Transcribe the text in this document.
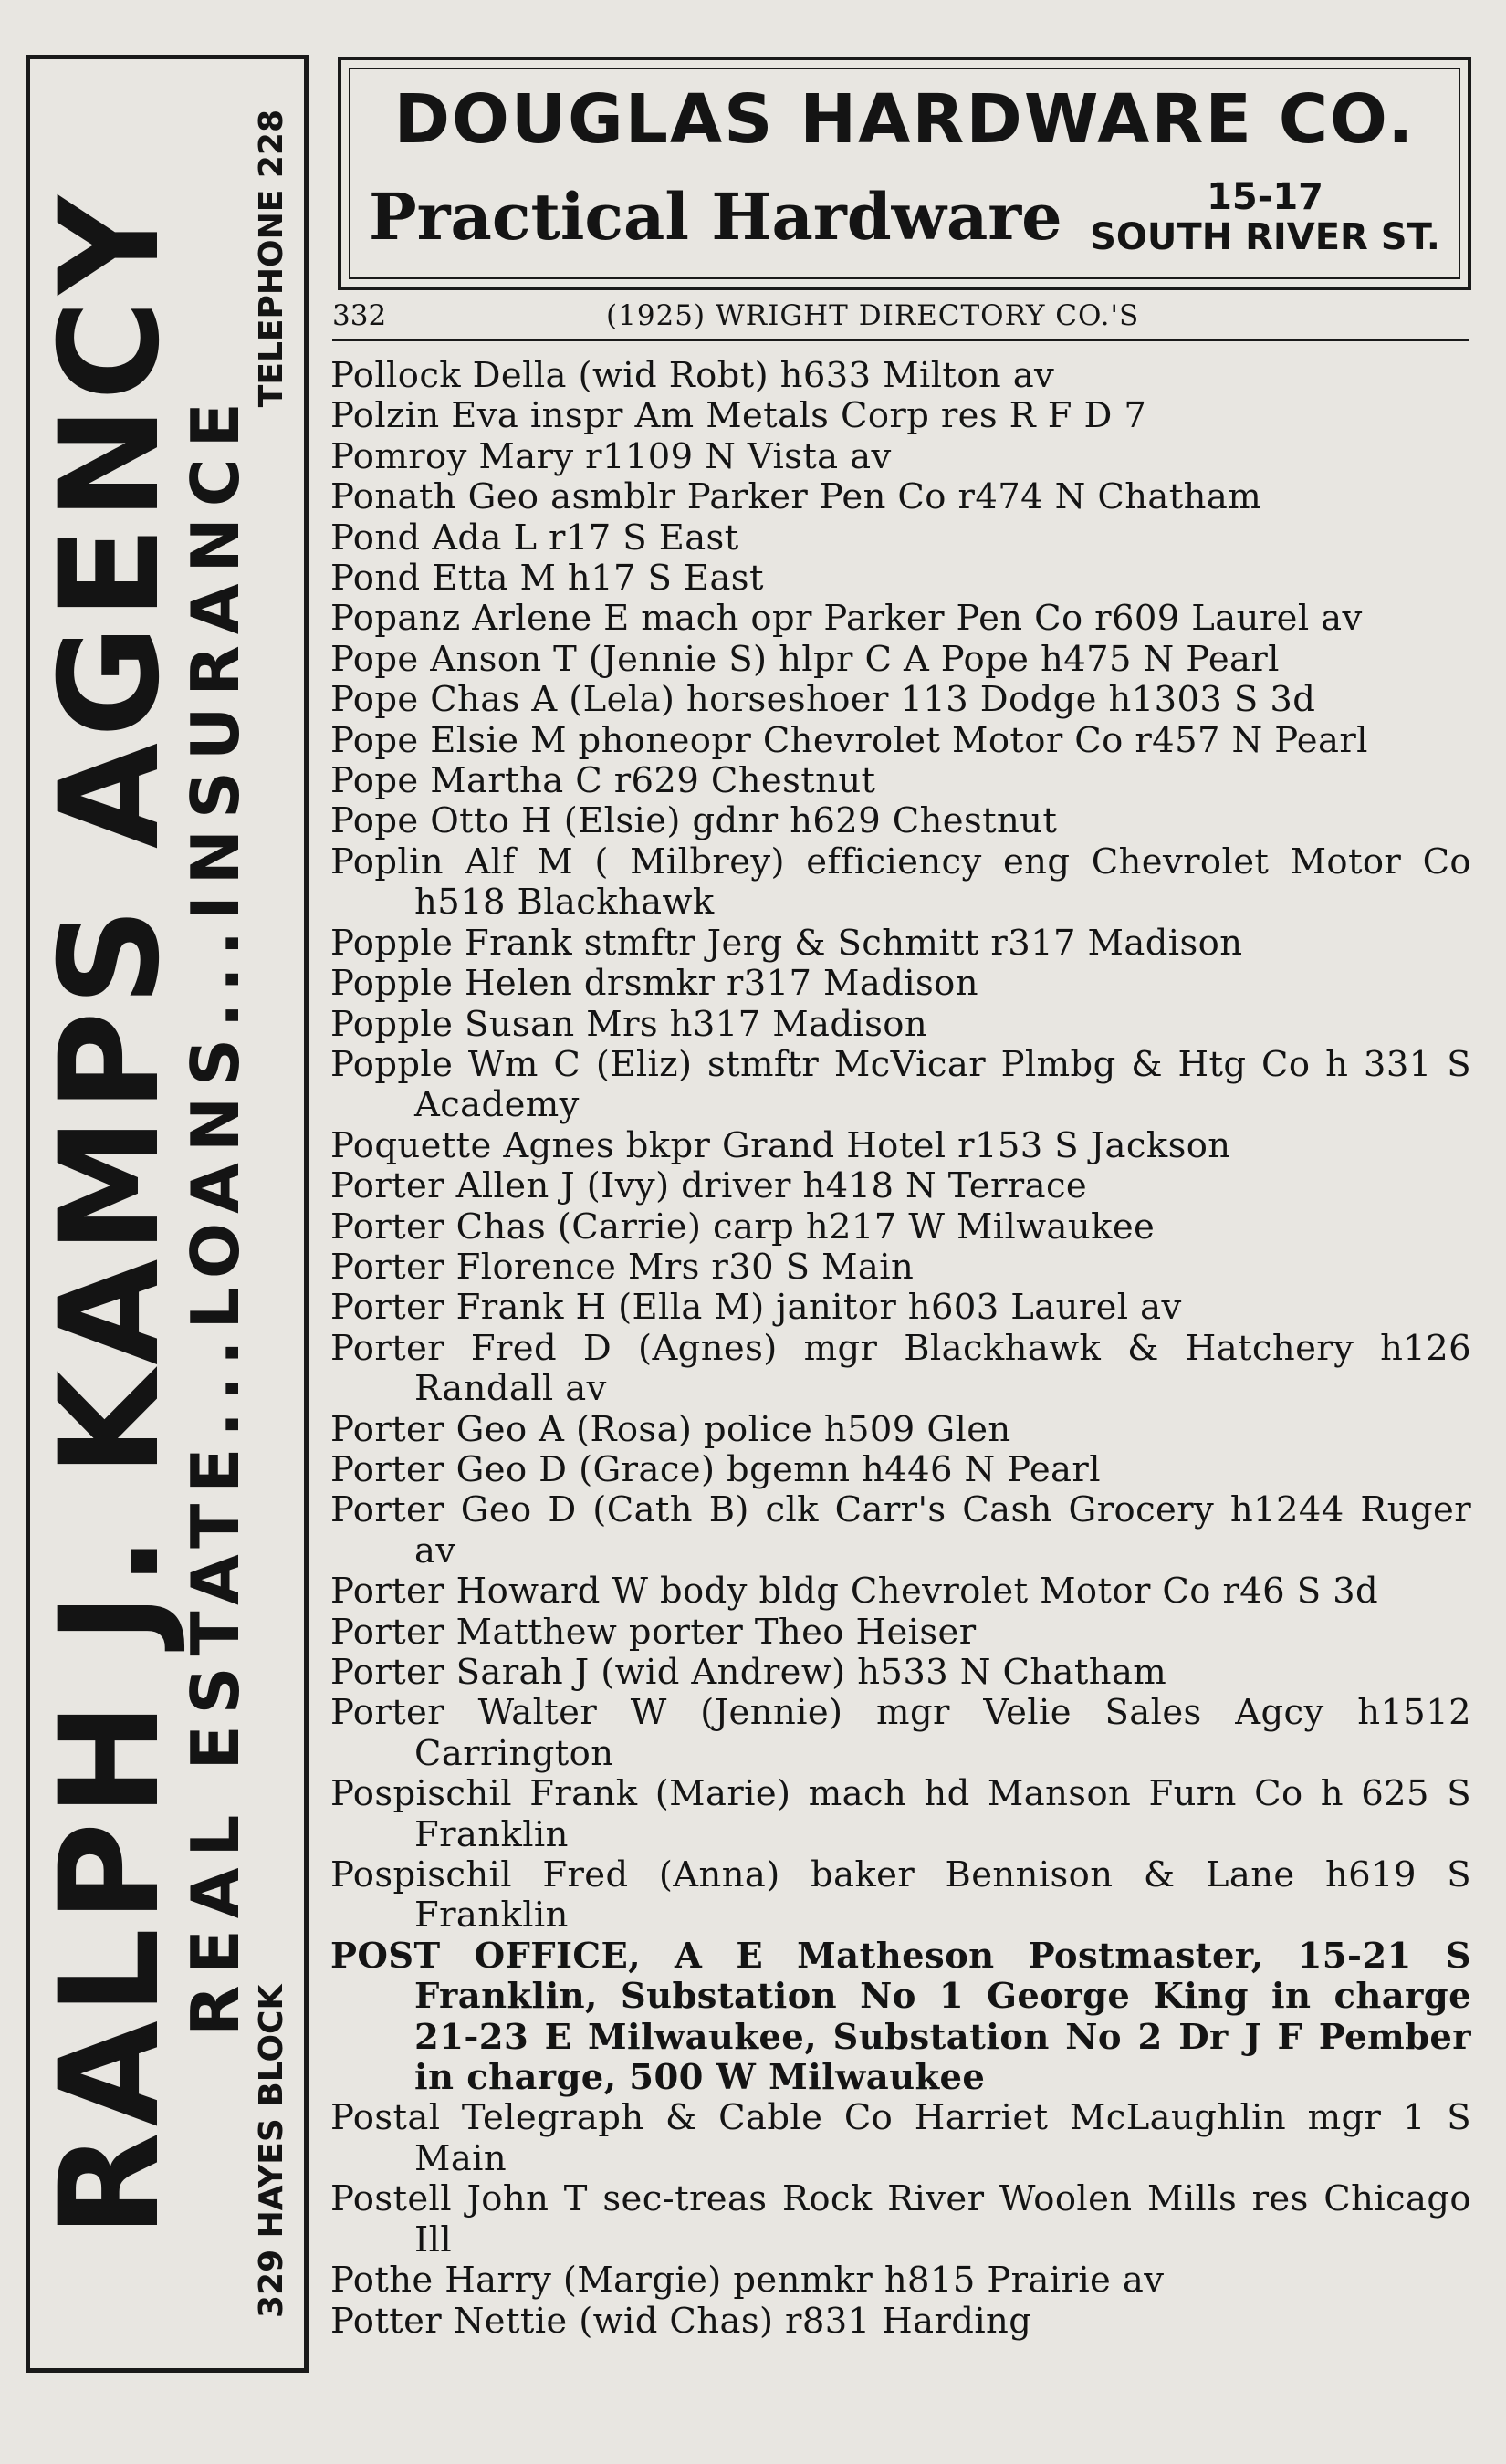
RALPH J. KAMPS AGENCY
REAL ESTATE...LOANS...INSURANCE
329 HAYES BLOCK
TELEPHONE 228	DOUGLAS HARDWARE CO.
Practical Hardware	15-17
SOUTH RIVER ST.
332	(1925) WRIGHT DIRECTORY CO.'S
Pollock Della (wid Robt) h633 Milton av
Polzin Eva inspr Am Metals Corp res R F D 7
Pomroy Mary r1109 N Vista av
Ponath Geo asmblr Parker Pen Co r474 N Chatham
Pond Ada L r17 S East
Pond Etta M h17 S East
Popanz Arlene E mach opr Parker Pen Co r609 Laurel av
Pope Anson T (Jennie S) hlpr C A Pope h475 N Pearl
Pope Chas A (Lela) horseshoer 113 Dodge h1303 S 3d
Pope Elsie M phoneopr Chevrolet Motor Co r457 N Pearl
Pope Martha C r629 Chestnut
Pope Otto H (Elsie) gdnr h629 Chestnut
Poplin Alf M ( Milbrey) efficiency eng Chevrolet Motor Co h518 Blackhawk
Popple Frank stmftr Jerg & Schmitt r317 Madison
Popple Helen drsmkr r317 Madison
Popple Susan Mrs h317 Madison
Popple Wm C (Eliz) stmftr McVicar Plmbg & Htg Co h 331 S Academy
Poquette Agnes bkpr Grand Hotel r153 S Jackson
Porter Allen J (Ivy) driver h418 N Terrace
Porter Chas (Carrie) carp h217 W Milwaukee
Porter Florence Mrs r30 S Main
Porter Frank H (Ella M) janitor h603 Laurel av
Porter Fred D (Agnes) mgr Blackhawk & Hatchery h126 Randall av
Porter Geo A (Rosa) police h509 Glen
Porter Geo D (Grace) bgemn h446 N Pearl
Porter Geo D (Cath B) clk Carr's Cash Grocery h1244 Ruger av
Porter Howard W body bldg Chevrolet Motor Co r46 S 3d
Porter Matthew porter Theo Heiser
Porter Sarah J (wid Andrew) h533 N Chatham
Porter Walter W (Jennie) mgr Velie Sales Agcy h1512 Carrington
Pospischil Frank (Marie) mach hd Manson Furn Co h 625 S Franklin
Pospischil Fred (Anna) baker Bennison & Lane h619 S Franklin
POST OFFICE, A E Matheson Postmaster, 15-21 S Franklin, Substation No 1 George King in charge 21-23 E Milwaukee, Substation No 2 Dr J F Pember in charge, 500 W Milwaukee
Postal Telegraph & Cable Co Harriet McLaughlin mgr 1 S Main
Postell John T sec-treas Rock River Woolen Mills res Chicago Ill
Pothe Harry (Margie) penmkr h815 Prairie av
Potter Nettie (wid Chas) r831 Harding
